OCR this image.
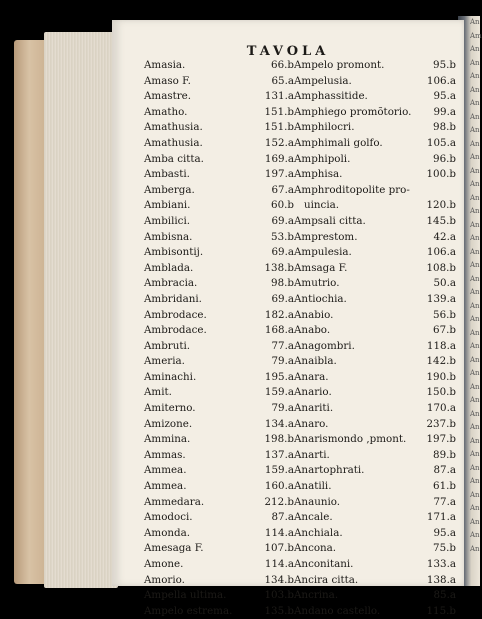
An
Am
An
An
An
An
An
An
An
An
An
An
An
An
An
An
An
An
An
An
An
An
An
An
An
An
An
An
An
An
An
An
An
An
An
An
An
An
An
An
TAVOLA
Amasia.	66.b
Amaso F.	65.a
Amastre.	131.a
Amatho.	151.b
Amathusia.	151.b
Amathusia.	152.a
Amba citta.	169.a
Ambasti.	197.a
Amberga.	67.a
Ambiani.	60.b
Ambilici.	69.a
Ambisna.	53.b
Ambisontij.	69.a
Amblada.	138.b
Ambracia.	98.b
Ambridani.	69.a
Ambrodace.	182.a
Ambrodace.	168.a
Ambruti.	77.a
Ameria.	79.a
Aminachi.	195.a
Amit.	159.a
Amiterno.	79.a
Amizone.	134.a
Ammina.	198.b
Ammas.	137.a
Ammea.	159.a
Ammea.	160.a
Ammedara.	212.b
Amodoci.	87.a
Amonda.	114.a
Amesaga F.	107.b
Amone.	114.a
Amorio.	134.b
Ampella ultima.	103.b
Ampelo estrema.	135.b
Ampelo promont.	95.b
Ampelusia.	106.a
Amphassitide.	95.a
Amphiego promõtorio. 99.a
Amphilocri.	98.b
Amphimali golfo.	105.a
Amphipoli.	96.b
Amphisa.	100.b
Amphroditopolite pro-
uincia.	120.b
Ampsali citta.	145.b
Amprestom.	42.a
Ampulesia.	106.a
Amsaga F.	108.b
Amutrio.	50.a
Antiochia.	139.a
Anabio.	56.b
Anabo.	67.b
Anagombri.	118.a
Anaibla.	142.b
Anara.	190.b
Anario.	150.b
Anariti.	170.a
Anaro.	237.b
Anarismondo ,pmont. 197.b
Anarti.	89.b
Anartophrati.	87.a
Anatili.	61.b
Anaunio.	77.a
Ancale.	171.a
Anchiala.	95.a
Ancona.	75.b
Anconitani.	133.a
Ancira citta.	138.a
Ancrina.	85.a
Andano castello.	115.b
